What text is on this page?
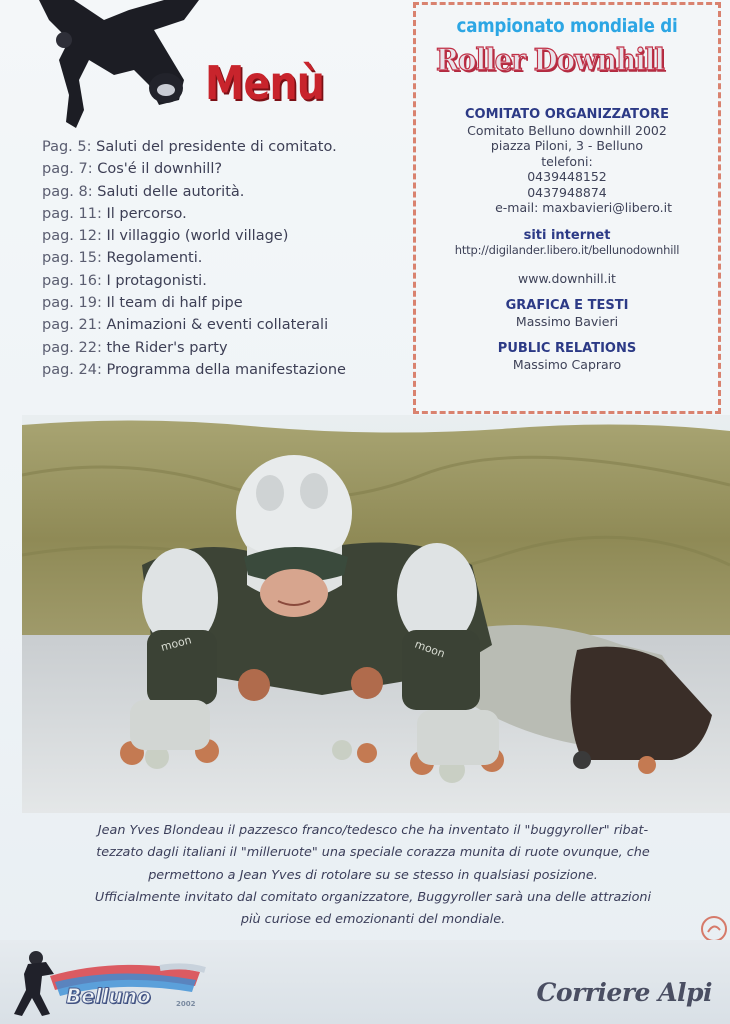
Menù
Pag. 5: Saluti del presidente di comitato.
pag. 7: Cos'é il downhill?
pag. 8: Saluti delle autorità.
pag. 11: Il percorso.
pag. 12: Il villaggio (world village)
pag. 15: Regolamenti.
pag. 16: I protagonisti.
pag. 19: Il team di half pipe
pag. 21: Animazioni & eventi collaterali
pag. 22: the Rider's party
pag. 24: Programma della manifestazione
campionato mondiale di
Roller Downhill
COMITATO ORGANIZZATORE
Comitato Belluno downhill 2002
piazza Piloni, 3 - Belluno
telefoni:
0439448152
0437948874
e-mail: maxbavieri@libero.it
siti internet
http://digilander.libero.it/bellunodownhill
www.downhill.it
GRAFICA E TESTI
Massimo Bavieri
PUBLIC RELATIONS
Massimo Capraro
moon	moon
Jean Yves Blondeau il pazzesco franco/tedesco che ha inventato il "buggyroller" ribat-
tezzato dagli italiani il "milleruote" una speciale corazza munita di ruote ovunque, che
permettono a Jean Yves di rotolare su se stesso in qualsiasi posizione.
Ufficialmente invitato dal comitato organizzatore, Buggyroller sarà una delle attrazioni
più curiose ed emozionanti del mondiale.
Belluno	2002	Corriere Alpi
